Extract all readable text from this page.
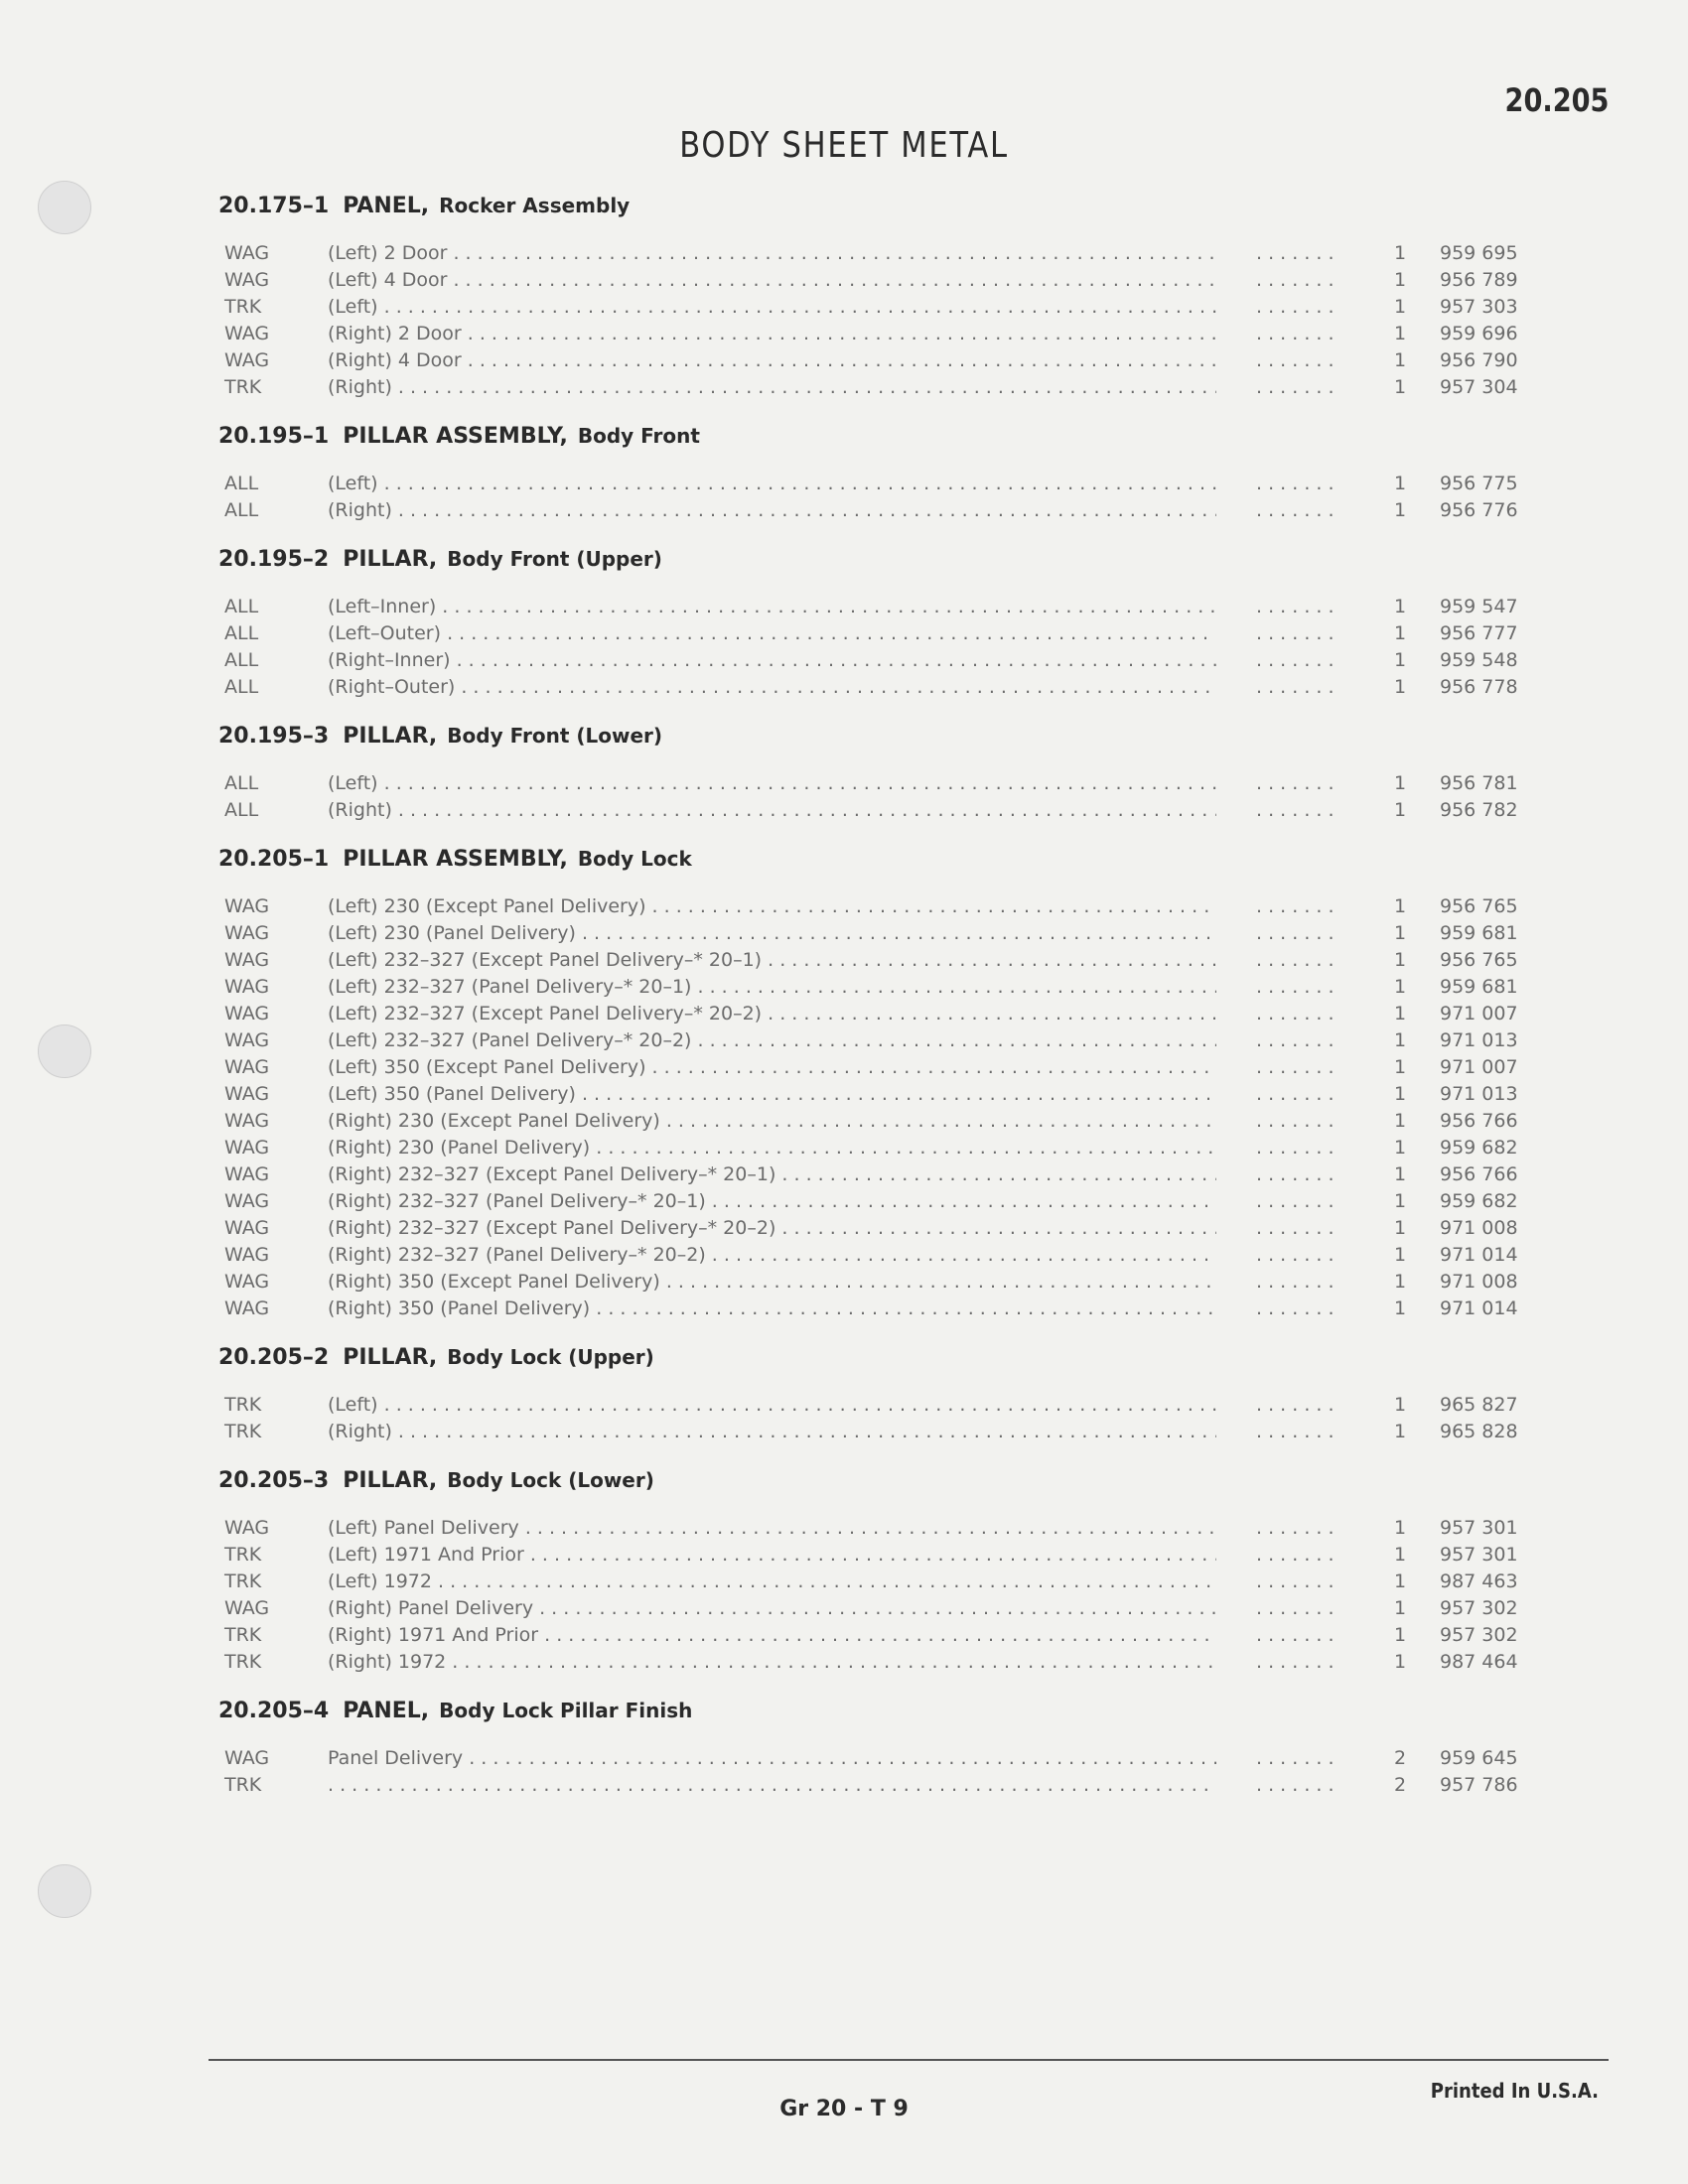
20.205
BODY SHEET METAL
20.175–1 PANEL, Rocker Assembly
WAG	(Left) 2 Door . . . . . .	1	959 695
WAG	(Left) 4 Door . . . . . .	1	956 789
TRK	(Left) . . . . . .	1	957 303
WAG	(Right) 2 Door . . . . . .	1	959 696
WAG	(Right) 4 Door . . . . . .	1	956 790
TRK	(Right) . . . . . .	1	957 304
20.195–1 PILLAR ASSEMBLY, Body Front
ALL	(Left) . . . . . .	1	956 775
ALL	(Right) . . . . . .	1	956 776
20.195–2 PILLAR, Body Front (Upper)
ALL	(Left–Inner) . . . . . .	1	959 547
ALL	(Left–Outer) . . . . . .	1	956 777
ALL	(Right–Inner) . . . . . .	1	959 548
ALL	(Right–Outer) . . . . . .	1	956 778
20.195–3 PILLAR, Body Front (Lower)
ALL	(Left) . . . . . .	1	956 781
ALL	(Right) . . . . . .	1	956 782
20.205–1 PILLAR ASSEMBLY, Body Lock
WAG	(Left) 230 (Except Panel Delivery) . . . . . .	1	956 765
WAG	(Left) 230 (Panel Delivery) . . . . . .	1	959 681
WAG	(Left) 232–327 (Except Panel Delivery–* 20–1) . . . . . .	1	956 765
WAG	(Left) 232–327 (Panel Delivery–* 20–1) . . . . . .	1	959 681
WAG	(Left) 232–327 (Except Panel Delivery–* 20–2) . . . . . .	1	971 007
WAG	(Left) 232–327 (Panel Delivery–* 20–2) . . . . . .	1	971 013
WAG	(Left) 350 (Except Panel Delivery) . . . . . .	1	971 007
WAG	(Left) 350 (Panel Delivery) . . . . . .	1	971 013
WAG	(Right) 230 (Except Panel Delivery) . . . . . .	1	956 766
WAG	(Right) 230 (Panel Delivery) . . . . . .	1	959 682
WAG	(Right) 232–327 (Except Panel Delivery–* 20–1) . . . . . .	1	956 766
WAG	(Right) 232–327 (Panel Delivery–* 20–1) . . . . . .	1	959 682
WAG	(Right) 232–327 (Except Panel Delivery–* 20–2) . . . . . .	1	971 008
WAG	(Right) 232–327 (Panel Delivery–* 20–2) . . . . . .	1	971 014
WAG	(Right) 350 (Except Panel Delivery) . . . . . .	1	971 008
WAG	(Right) 350 (Panel Delivery) . . . . . .	1	971 014
20.205–2 PILLAR, Body Lock (Upper)
TRK	(Left) . . . . . .	1	965 827
TRK	(Right) . . . . . .	1	965 828
20.205–3 PILLAR, Body Lock (Lower)
WAG	(Left) Panel Delivery . . . . . .	1	957 301
TRK	(Left) 1971 And Prior . . . . . .	1	957 301
TRK	(Left) 1972 . . . . . .	1	987 463
WAG	(Right) Panel Delivery . . . . . .	1	957 302
TRK	(Right) 1971 And Prior . . . . . .	1	957 302
TRK	(Right) 1972 . . . . . .	1	987 464
20.205–4 PANEL, Body Lock Pillar Finish
WAG	Panel Delivery . . . . . .	2	959 645
TRK . . . . . .	2	957 786
Printed In U.S.A.
Gr 20 - T 9
